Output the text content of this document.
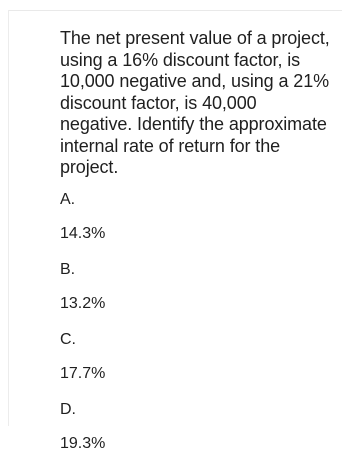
The net present value of a project,
using a 16% discount factor, is
10,000 negative and, using a 21%
discount factor, is 40,000
negative. Identify the approximate
internal rate of return for the
project.

A.
14.3%
B.
13.2%
C.
17.7%
D.
19.3%
